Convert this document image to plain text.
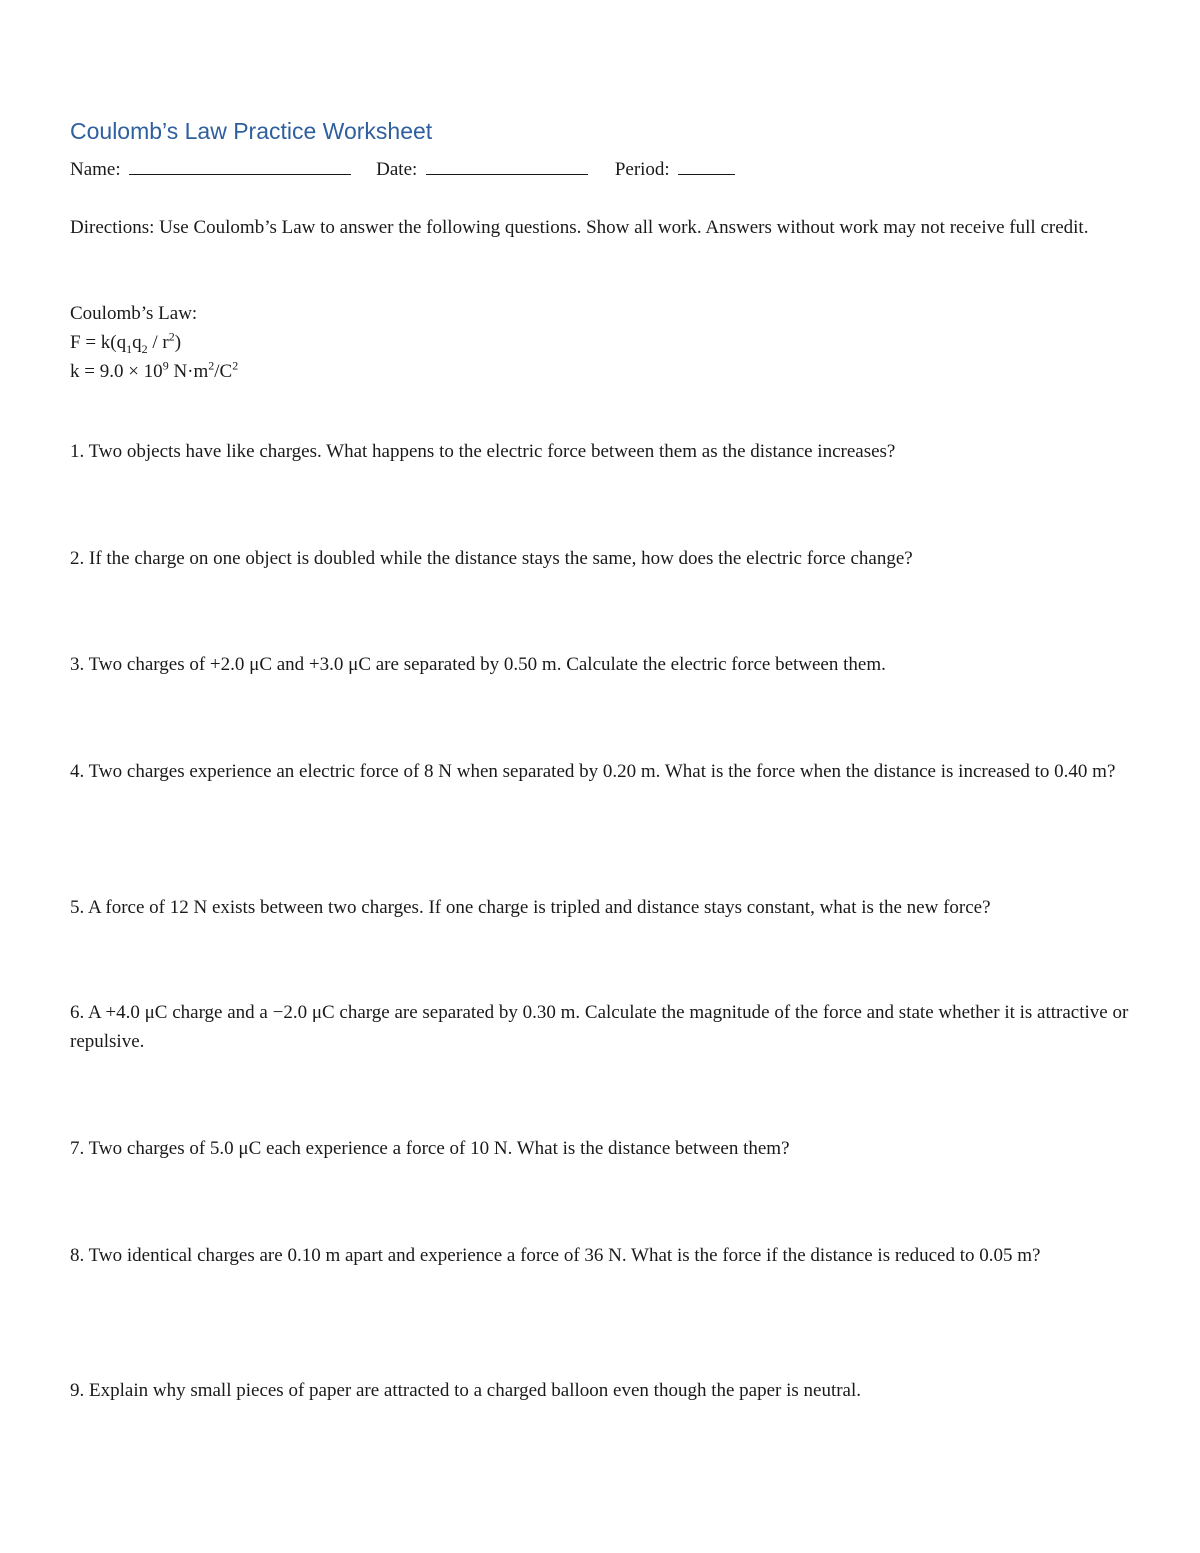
Coulomb’s Law Practice Worksheet
Name:	Date:	Period:
Directions: Use Coulomb’s Law to answer the following questions. Show all work. Answers without work may not receive full credit.
Coulomb’s Law:
$F = k(q_1q_2 / r^2)$
$k = 9.0 \times 10^9$ $N\cdot m^2/C^2$
1. Two objects have like charges. What happens to the electric force between them as the distance increases?
2. If the charge on one object is doubled while the distance stays the same, how does the electric force change?
3. Two charges of +2.0 μC and +3.0 μC are separated by 0.50 m. Calculate the electric force between them.
4. Two charges experience an electric force of 8 N when separated by 0.20 m. What is the force when the distance is increased to 0.40 m?
5. A force of 12 N exists between two charges. If one charge is tripled and distance stays constant, what is the new force?
6. A +4.0 μC charge and a −2.0 μC charge are separated by 0.30 m. Calculate the magnitude of the force and state whether it is attractive or repulsive.
7. Two charges of 5.0 μC each experience a force of 10 N. What is the distance between them?
8. Two identical charges are 0.10 m apart and experience a force of 36 N. What is the force if the distance is reduced to 0.05 m?
9. Explain why small pieces of paper are attracted to a charged balloon even though the paper is neutral.
